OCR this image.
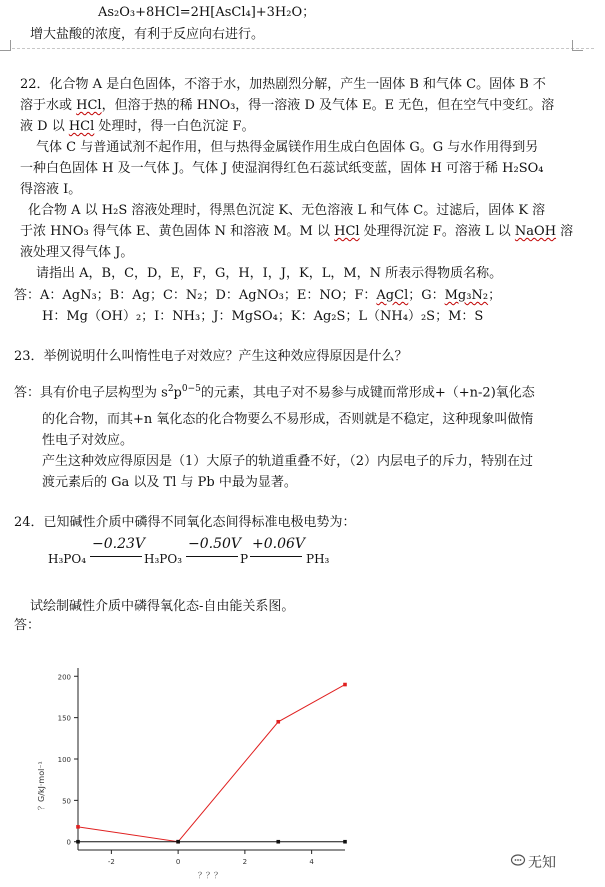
As₂O₃+8HCl=2H[AsCl₄]+3H₂O；
增大盐酸的浓度，有利于反应向右进行。
22．化合物 A 是白色固体，不溶于水，加热剧烈分解，产生一固体 B 和气体 C。固体 B 不
溶于水或 HCl，但溶于热的稀 HNO₃，得一溶液 D 及气体 E。E 无色，但在空气中变红。溶
液 D 以 HCl 处理时，得一白色沉淀 F。
气体 C 与普通试剂不起作用，但与热得金属镁作用生成白色固体 G。G 与水作用得到另
一种白色固体 H 及一气体 J。气体 J 使湿润得红色石蕊试纸变蓝，固体 H 可溶于稀 H₂SO₄
得溶液 I。
化合物 A 以 H₂S 溶液处理时，得黑色沉淀 K、无色溶液 L 和气体 C。过滤后，固体 K 溶
于浓 HNO₃ 得气体 E、黄色固体 N 和溶液 M。M 以 HCl 处理得沉淀 F。溶液 L 以 NaOH 溶
液处理又得气体 J。
请指出 A，B，C，D，E，F，G，H，I，J，K，L，M，N 所表示得物质名称。
答：A：AgN₃；B：Ag；C：N₂；D：AgNO₃；E：NO；F：AgCl；G：Mg₃N₂；
H：Mg（OH）₂；I：NH₃；J：MgSO₄；K：Ag₂S；L（NH₄）₂S；M：S
23．举例说明什么叫惰性电子对效应？产生这种效应得原因是什么？
答：具有价电子层构型为 $s^2p^{0-5}$的元素，其电子对不易参与成键而常形成+（+n-2)氧化态
的化合物，而其+n 氧化态的化合物要么不易形成，否则就是不稳定，这种现象叫做惰
性电子对效应。
产生这种效应得原因是（1）大原子的轨道重叠不好，（2）内层电子的斥力，特别在过
渡元素后的 Ga 以及 Tl 与 Pb 中最为显著。
24．已知碱性介质中磷得不同氧化态间得标准电极电势为：
H₃PO₄
−0.23V
H₃PO₃
−0.50V
P
+0.06V
PH₃
试绘制碱性介质中磷得氧化态-自由能关系图。
答：
0
50
100
150
200
-2	0	2	4
？G/kJ·mol⁻¹
？？？
无知
